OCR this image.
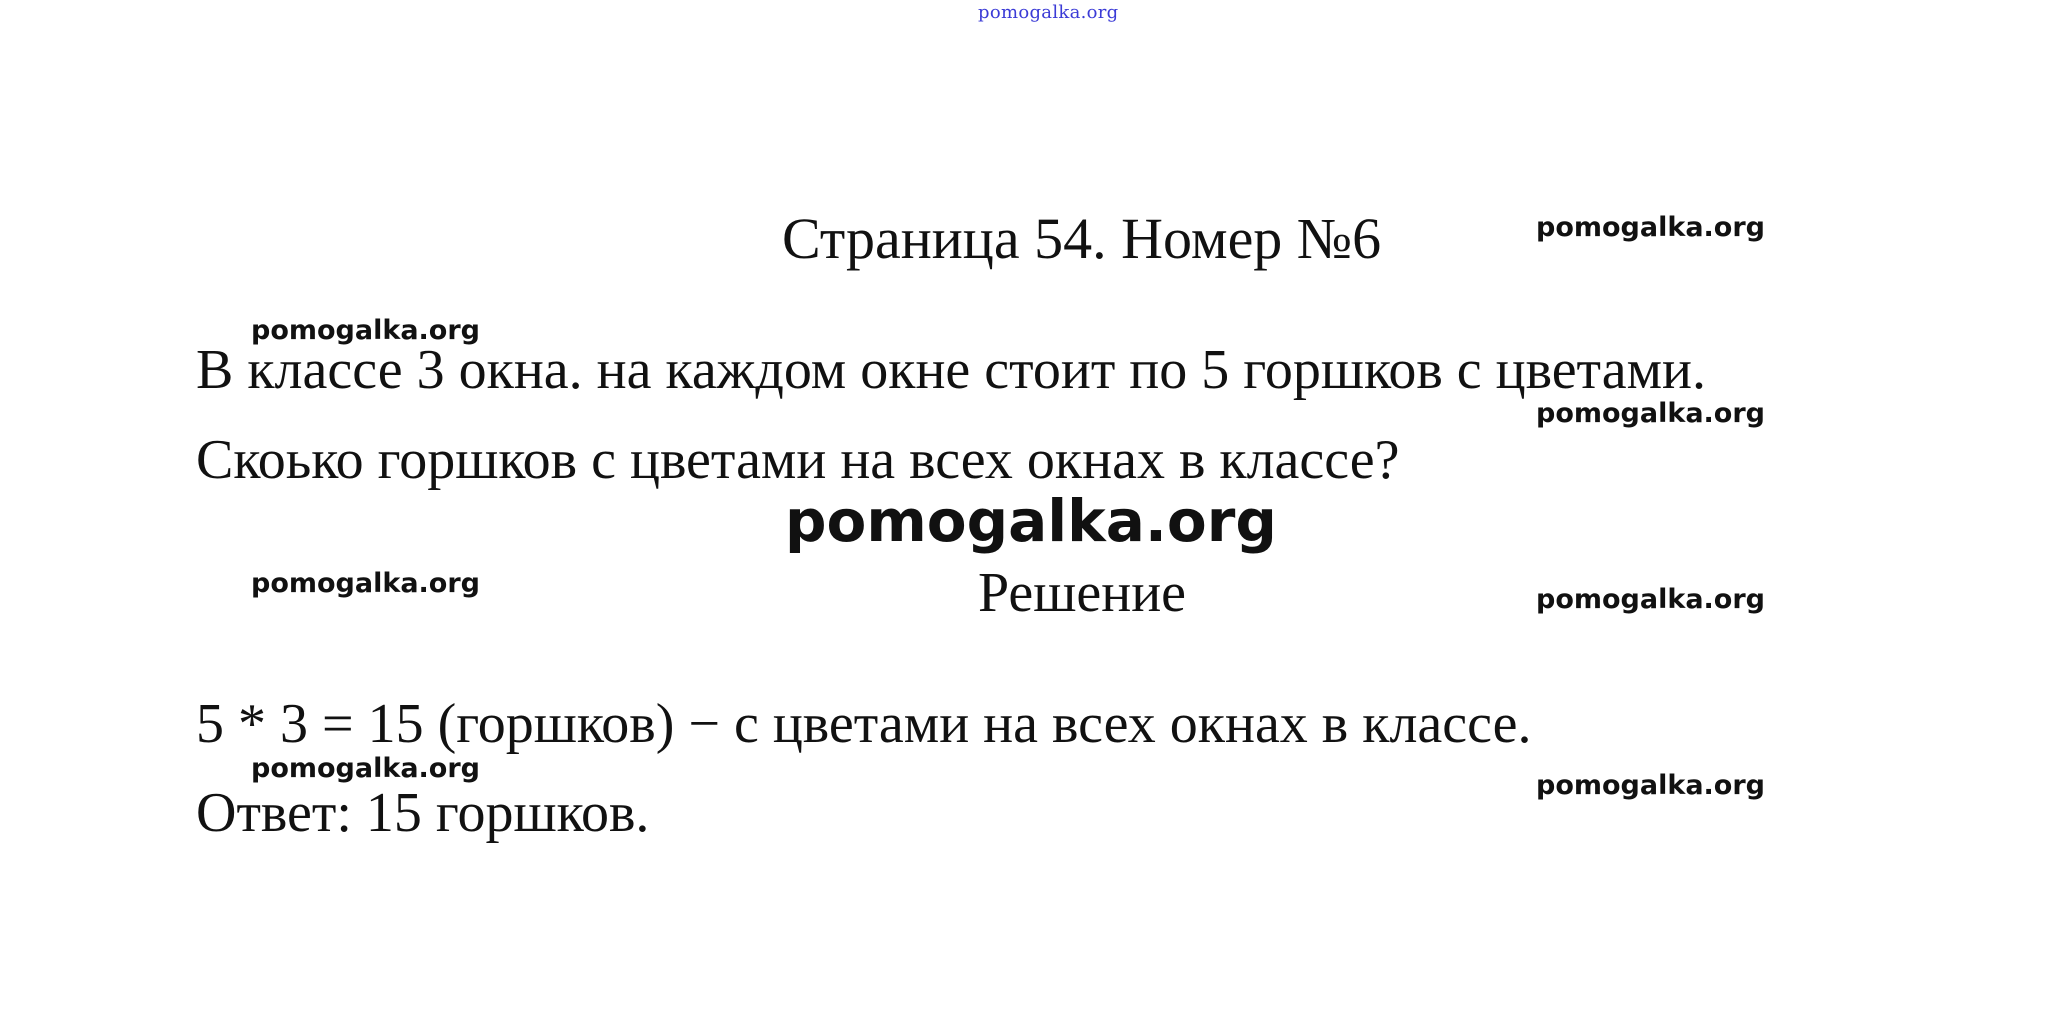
pomogalka.org
Страница 54. Номер №6	pomogalka.org
pomogalka.org
В классе 3 окна. на каждом окне стоит по 5 горшков с цветами.
pomogalka.org
Скоько горшков с цветами на всех окнах в классе?
pomogalka.org
pomogalka.org	Решение	pomogalka.org
5 * 3 = 15 (горшков) − с цветами на всех окнах в классе.
pomogalka.org
Ответ: 15 горшков.	pomogalka.org
